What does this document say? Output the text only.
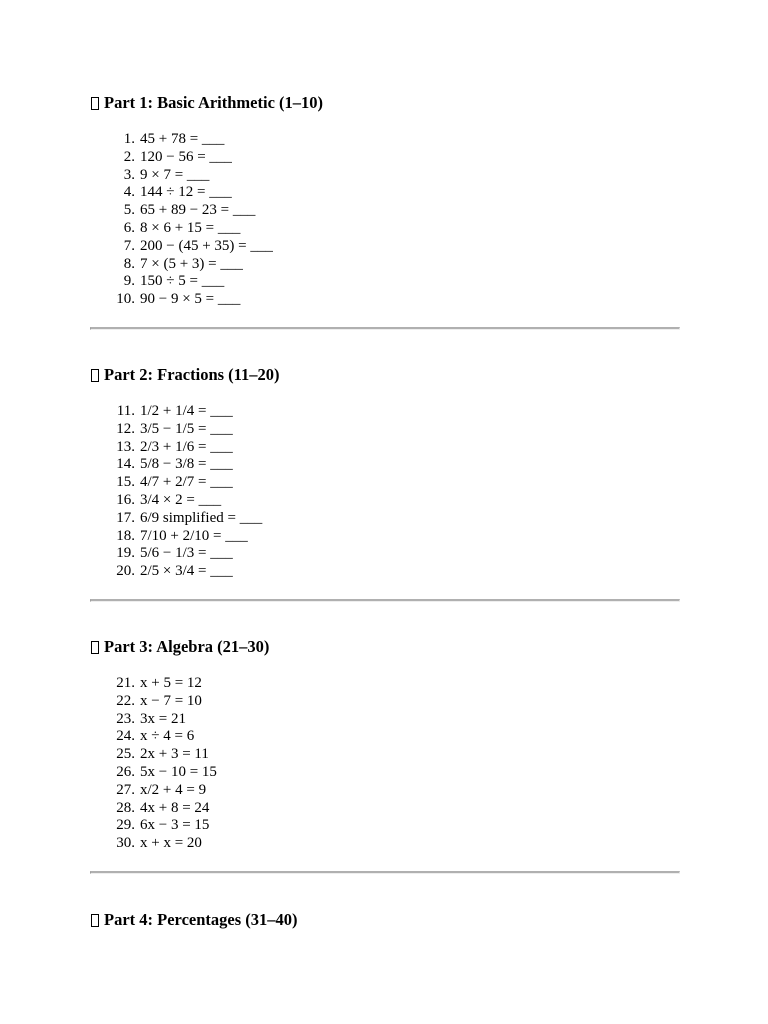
Part 1: Basic Arithmetic (1–10)
1. 45 + 78 = ___
2. 120 − 56 = ___
3. 9 × 7 = ___
4. 144 ÷ 12 = ___
5. 65 + 89 − 23 = ___
6. 8 × 6 + 15 = ___
7. 200 − (45 + 35) = ___
8. 7 × (5 + 3) = ___
9. 150 ÷ 5 = ___
10. 90 − 9 × 5 = ___
Part 2: Fractions (11–20)
11. 1/2 + 1/4 = ___
12. 3/5 − 1/5 = ___
13. 2/3 + 1/6 = ___
14. 5/8 − 3/8 = ___
15. 4/7 + 2/7 = ___
16. 3/4 × 2 = ___
17. 6/9 simplified = ___
18. 7/10 + 2/10 = ___
19. 5/6 − 1/3 = ___
20. 2/5 × 3/4 = ___
Part 3: Algebra (21–30)
21. x + 5 = 12
22. x − 7 = 10
23. 3x = 21
24. x ÷ 4 = 6
25. 2x + 3 = 11
26. 5x − 10 = 15
27. x/2 + 4 = 9
28. 4x + 8 = 24
29. 6x − 3 = 15
30. x + x = 20
Part 4: Percentages (31–40)
